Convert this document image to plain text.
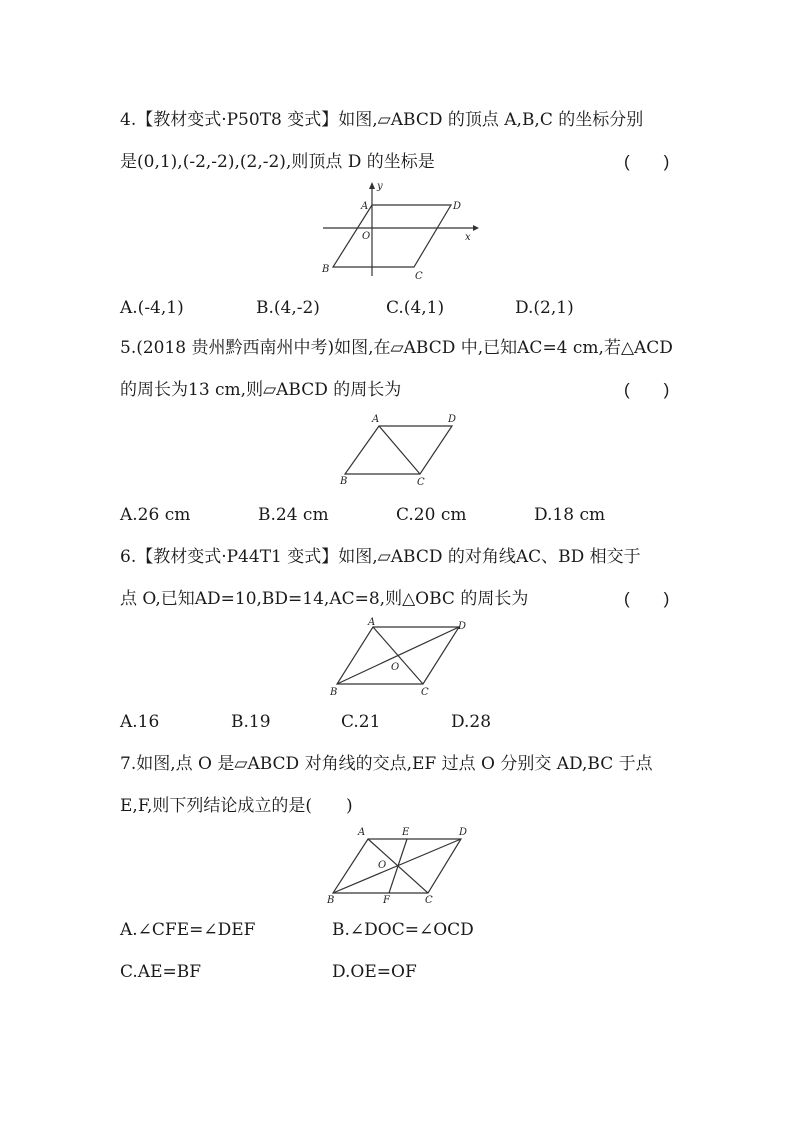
4.【教材变式·P50T8 变式】如图,▱ABCD 的顶点 A,B,C 的坐标分别
是(0,1),(-2,-2),(2,-2),则顶点 D 的坐标是	(　　)
y
x
A	D
O
B
C
A.(-4,1)	B.(4,-2)	C.(4,1)	D.(2,1)
5.(2018 贵州黔西南州中考)如图,在▱ABCD 中,已知AC=4 cm,若△ACD
的周长为13 cm,则▱ABCD 的周长为	(　　)
A	D
B	C
A.26 cm	B.24 cm	C.20 cm	D.18 cm
6.【教材变式·P44T1 变式】如图,▱ABCD 的对角线AC、BD 相交于
点 O,已知AD=10,BD=14,AC=8,则△OBC 的周长为	(　　)
A	D
O
B	C
A.16	B.19	C.21	D.28
7.如图,点 O 是▱ABCD 对角线的交点,EF 过点 O 分别交 AD,BC 于点
E,F,则下列结论成立的是(　　)
A	E	D
O
B	F	C
A.∠CFE=∠DEF	B.∠DOC=∠OCD
C.AE=BF	D.OE=OF
